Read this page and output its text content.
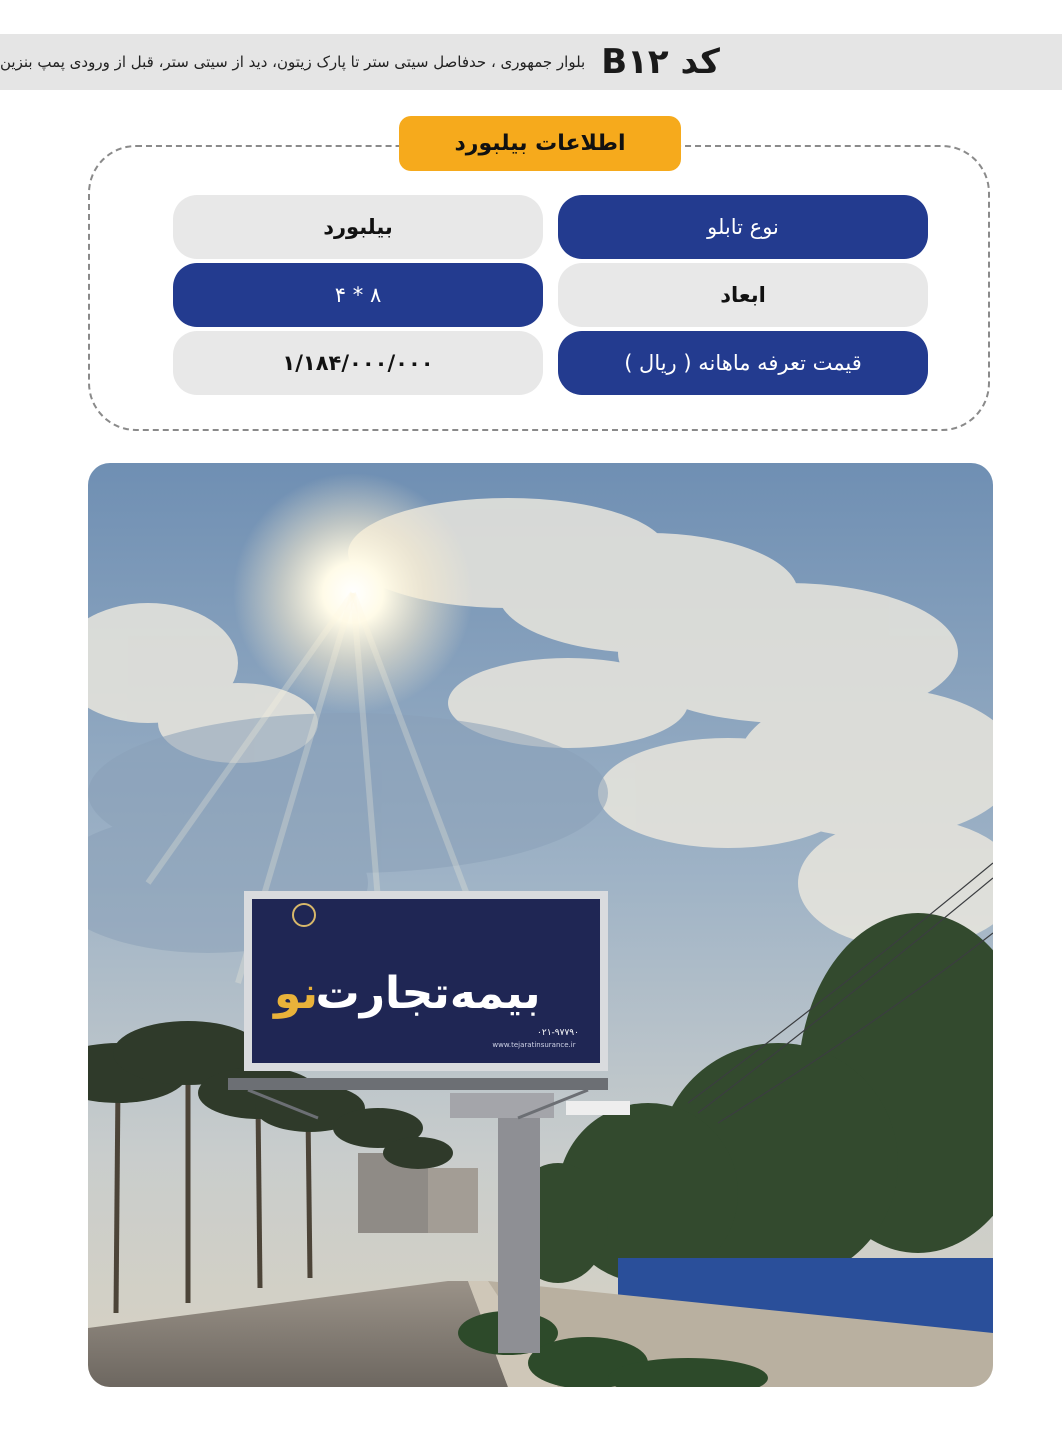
کد B۱۲
بلوار جمهوری ، حدفاصل سیتی ستر تا پارک زیتون، دید از سیتی ستر، قبل از ورودی پمپ بنزین
اطلاعات بیلبورد
نوع تابلو
بیلبورد
ابعاد
۸ * ۴
قیمت تعرفه ماهانه ( ریال )
۱/۱۸۴/۰۰۰/۰۰۰
بیمه‌تجارت
نو
۰۲۱-۹۷۷۹۰
www.tejaratinsurance.ir
